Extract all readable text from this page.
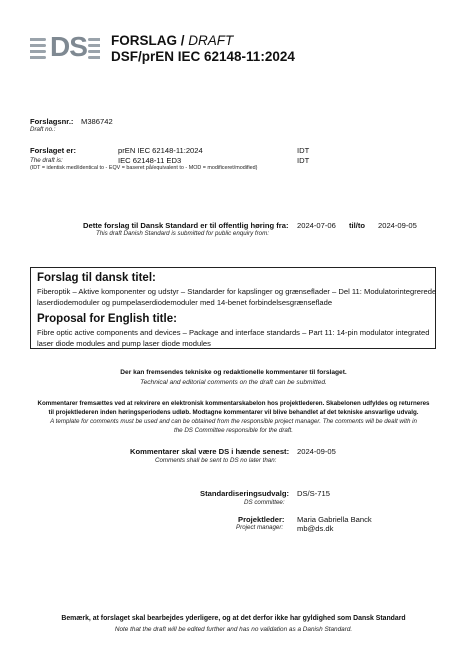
DS FORSLAG / DRAFT
DSF/prEN IEC 62148-11:2024
Forslagsnr.: M386742
Draft no.:
Forslaget er:	prEN IEC 62148-11:2024	IDT
The draft is:	IEC 62148-11 ED3	IDT
(IDT = identisk med/identical to - EQV = baseret på/equivalent to - MOD = modificeret/modified)
Dette forslag til Dansk Standard er til offentlig høring fra:
This draft Danish Standard is submitted for public enquiry from:
2024-07-06 til/to 2024-09-05
Forslag til dansk titel:
Fiberoptik – Aktive komponenter og udstyr – Standarder for kapslinger og grænseflader – Del 11: Modulatorintegrerede laserdiodemoduler og pumpelaserdiodemoduler med 14-benet forbindelsesgrænseflade
Proposal for English title:
Fibre optic active components and devices – Package and interface standards – Part 11: 14-pin modulator integrated laser diode modules and pump laser diode modules
Der kan fremsendes tekniske og redaktionelle kommentarer til forslaget.
Technical and editorial comments on the draft can be submitted.
Kommentarer fremsættes ved at rekvirere en elektronisk kommentarskabelon hos projektlederen. Skabelonen udfyldes og returneres
til projektlederen inden høringsperiodens udløb. Modtagne kommentarer vil blive behandlet af det tekniske ansvarlige udvalg.
A template for comments must be used and can be obtained from the responsible project manager. The comments will be dealt with in
the DS Committee responsible for the draft.
Kommentarer skal være DS i hænde senest:
Comments shall be sent to DS no later than:
2024-09-05
Standardiseringsudvalg:
DS committee:
DS/S-715
Projektleder:
Project manager:
Maria Gabriella Banck
mb@ds.dk
Bemærk, at forslaget skal bearbejdes yderligere, og at det derfor ikke har gyldighed som Dansk Standard
Note that the draft will be edited further and has no validation as a Danish Standard.
